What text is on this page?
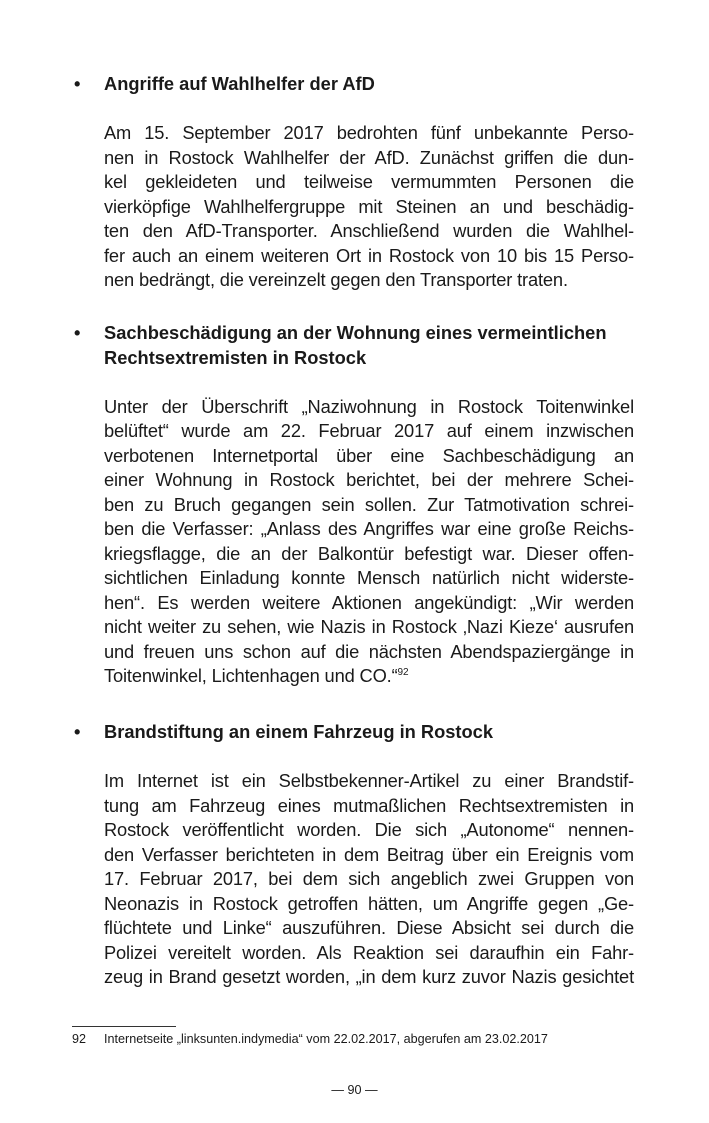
• Angriffe auf Wahlhelfer der AfD
Am 15. September 2017 bedrohten fünf unbekannte Perso-
nen in Rostock Wahlhelfer der AfD. Zunächst griffen die dun-
kel gekleideten und teilweise vermummten Personen die
vierköpfige Wahlhelfergruppe mit Steinen an und beschädig-
ten den AfD-Transporter. Anschließend wurden die Wahlhel-
fer auch an einem weiteren Ort in Rostock von 10 bis 15 Perso-
nen bedrängt, die vereinzelt gegen den Transporter traten.
• Sachbeschädigung an der Wohnung eines vermeintlichen
Rechtsextremisten in Rostock
Unter der Überschrift „Naziwohnung in Rostock Toitenwinkel
belüftet“ wurde am 22. Februar 2017 auf einem inzwischen
verbotenen Internetportal über eine Sachbeschädigung an
einer Wohnung in Rostock berichtet, bei der mehrere Schei-
ben zu Bruch gegangen sein sollen. Zur Tatmotivation schrei-
ben die Verfasser: „Anlass des Angriffes war eine große Reichs-
kriegsflagge, die an der Balkontür befestigt war. Dieser offen-
sichtlichen Einladung konnte Mensch natürlich nicht widerste-
hen“. Es werden weitere Aktionen angekündigt: „Wir werden
nicht weiter zu sehen, wie Nazis in Rostock ‚Nazi Kieze‘ ausrufen
und freuen uns schon auf die nächsten Abendspaziergänge in
Toitenwinkel, Lichtenhagen und CO.“$^{92}$
• Brandstiftung an einem Fahrzeug in Rostock
Im Internet ist ein Selbstbekenner-Artikel zu einer Brandstif-
tung am Fahrzeug eines mutmaßlichen Rechtsextremisten in
Rostock veröffentlicht worden. Die sich „Autonome“ nennen-
den Verfasser berichteten in dem Beitrag über ein Ereignis vom
17. Februar 2017, bei dem sich angeblich zwei Gruppen von
Neonazis in Rostock getroffen hätten, um Angriffe gegen „Ge-
flüchtete und Linke“ auszuführen. Diese Absicht sei durch die
Polizei vereitelt worden. Als Reaktion sei daraufhin ein Fahr-
zeug in Brand gesetzt worden, „in dem kurz zuvor Nazis gesichtet
92 Internetseite „linksunten.indymedia“ vom 22.02.2017, abgerufen am 23.02.2017
— 90 —
